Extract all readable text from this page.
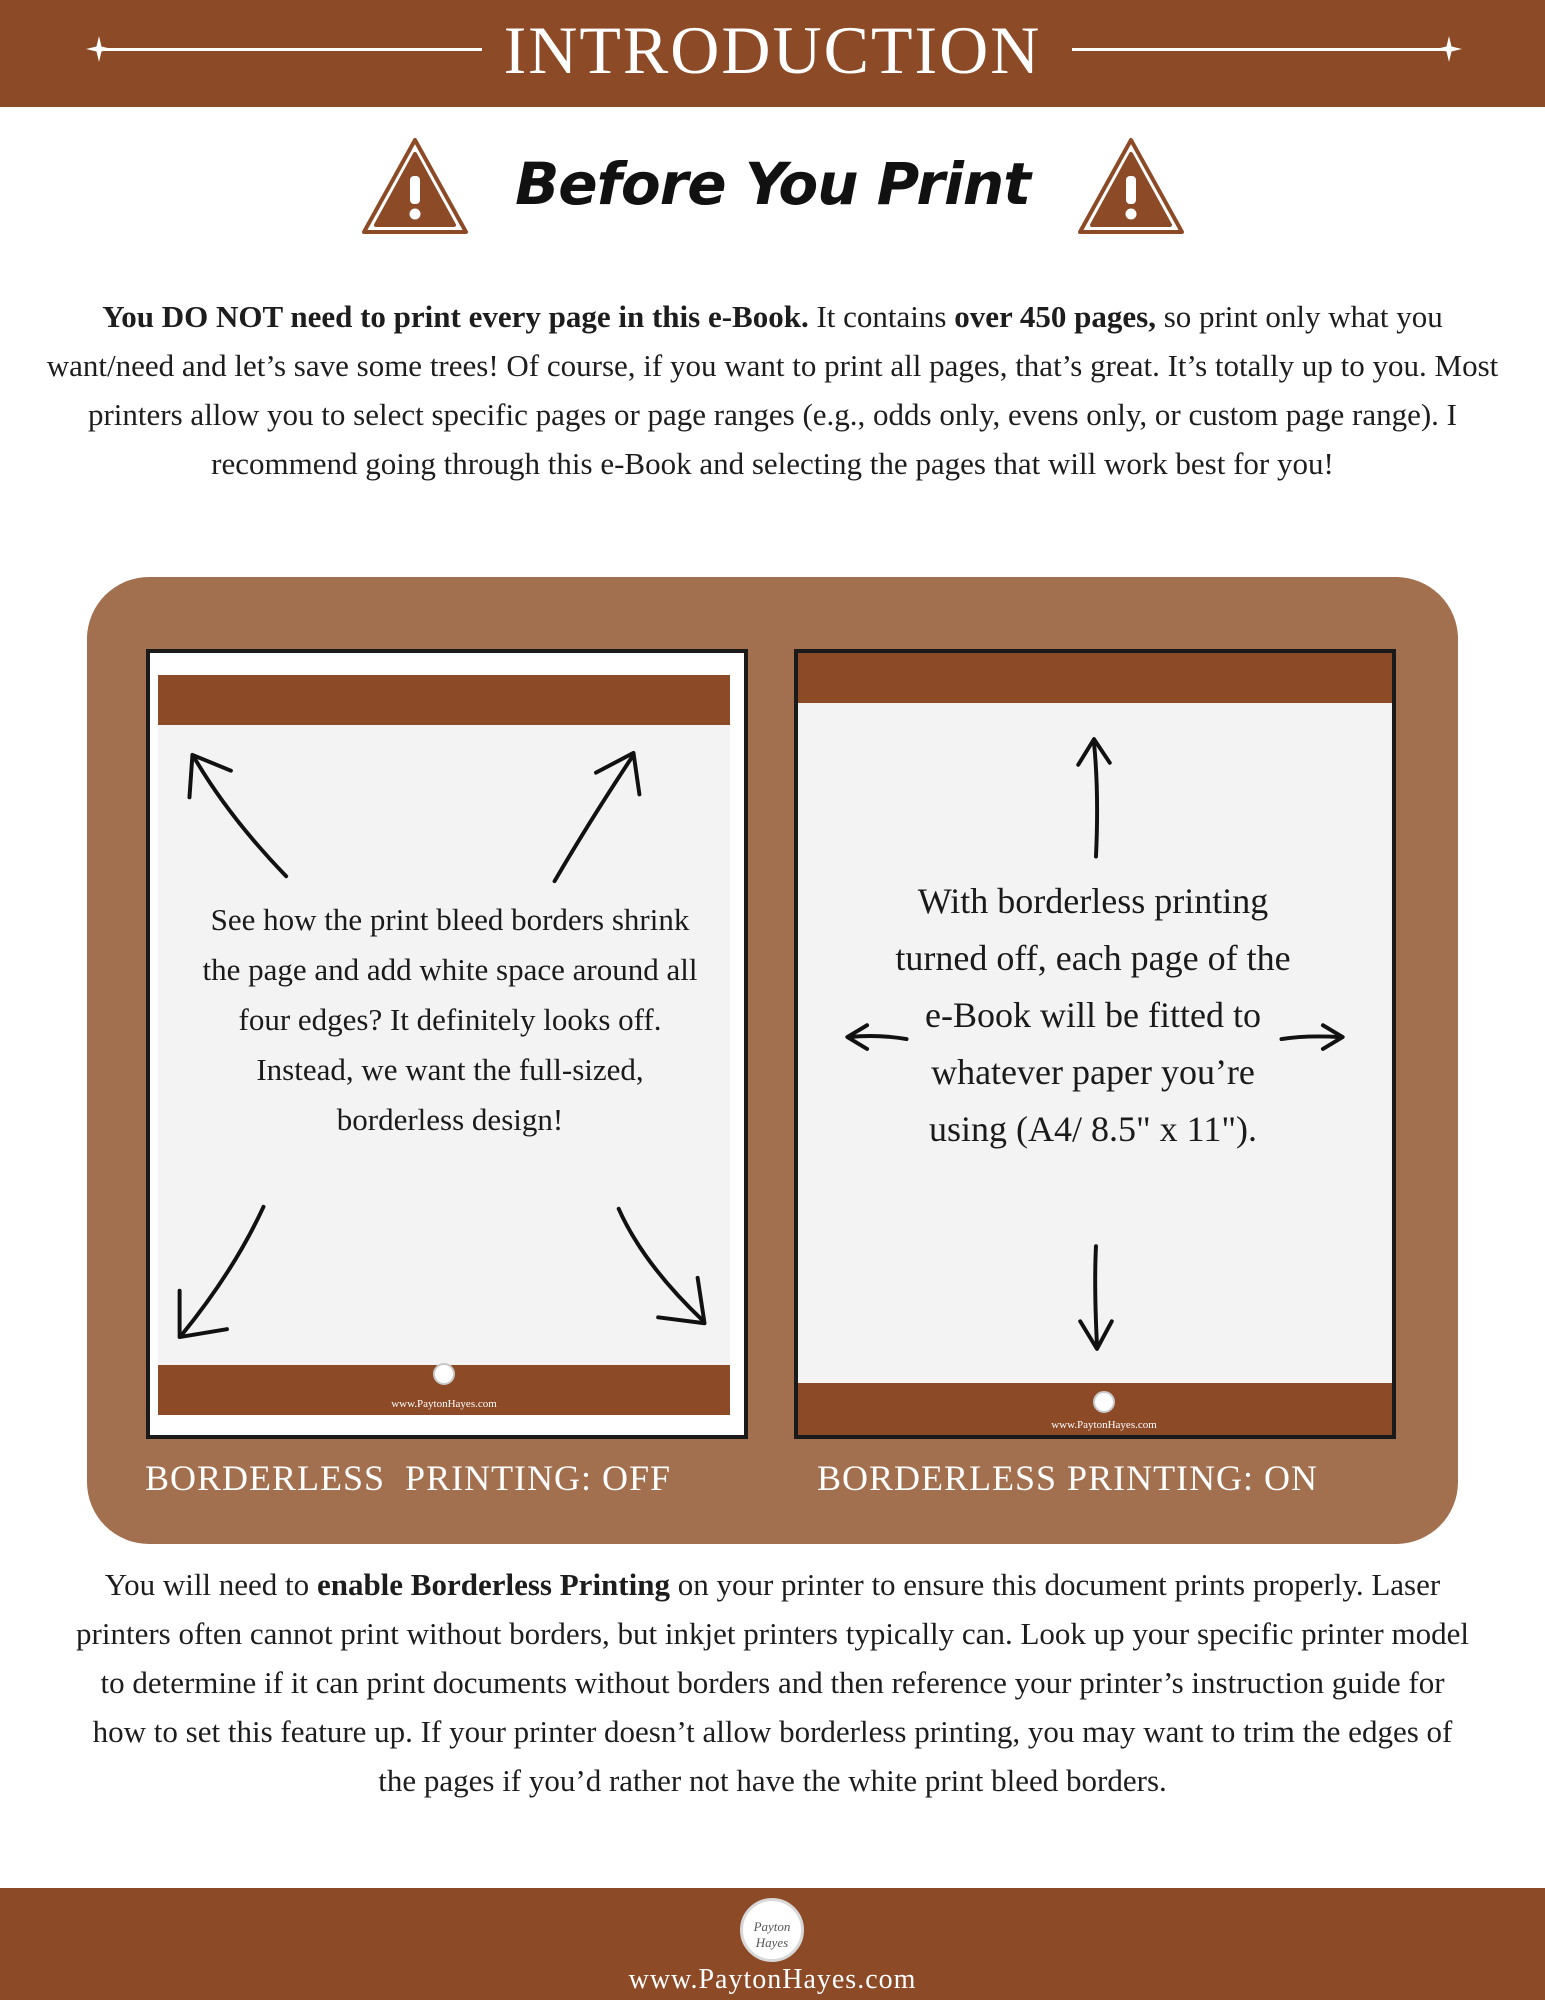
INTRODUCTION
Before You Print
You DO NOT need to print every page in this e-Book. It contains over 450 pages, so print only what you want/need and let’s save some trees! Of course, if you want to print all pages, that’s great. It’s totally up to you. Most printers allow you to select specific pages or page ranges (e.g., odds only, evens only, or custom page range). I recommend going through this e-Book and selecting the pages that will work best for you!
www.PaytonHayes.com
See how the print bleed borders shrink the page and add white space around all four edges? It definitely looks off. Instead, we want the full-sized, borderless design!
www.PaytonHayes.com
With borderless printing turned off, each page of the e-Book will be fitted to whatever paper you’re using (A4/ 8.5" x 11").
BORDERLESS  PRINTING: OFF	BORDERLESS PRINTING: ON
You will need to enable Borderless Printing on your printer to ensure this document prints properly. Laser printers often cannot print without borders, but inkjet printers typically can. Look up your specific printer model to determine if it can print documents without borders and then reference your printer’s instruction guide for how to set this feature up. If your printer doesn’t allow borderless printing, you may want to trim the edges of the pages if you’d rather not have the white print bleed borders.
Payton Hayes
www.PaytonHayes.com
